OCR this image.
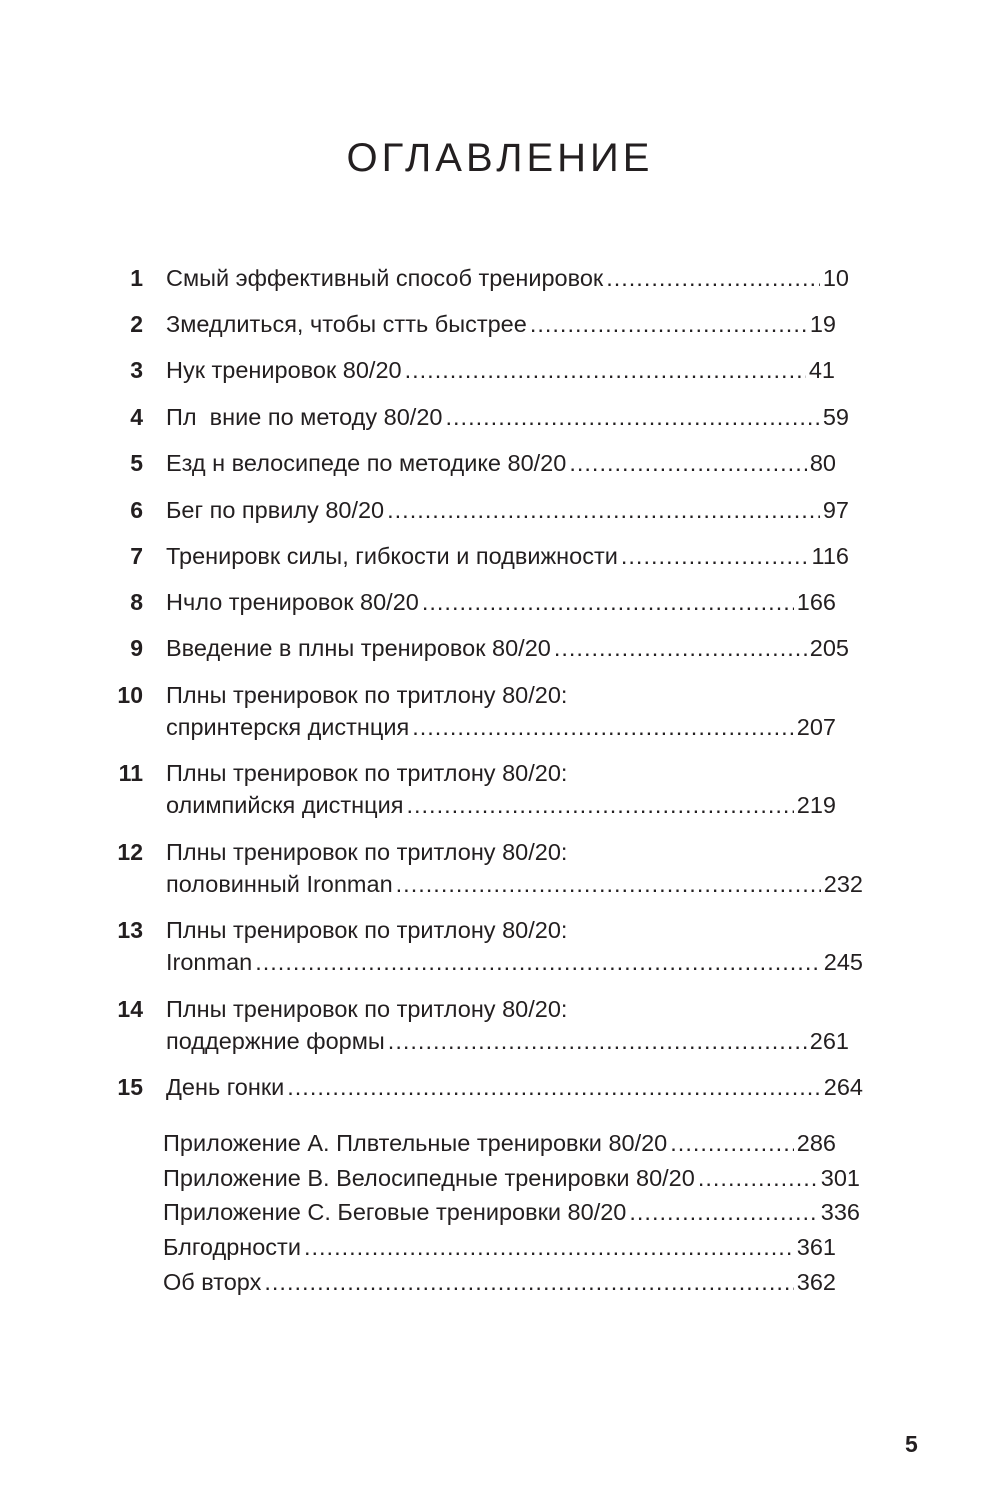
ОГЛАВЛЕНИЕ
1 Смый эффективный способ тренировок .....	10
2 Змедлиться, чтобы стть быстрее .....	19
3 Нук тренировок 80/20 .....	41
4 Пл  вние по методу 80/20 .....	59
5 Езд н велосипеде по методике 80/20 .....	80
6 Бег по првилу 80/20 .....	97
7 Тренировк силы, гибкости и подвижности .....	116
8 Нчло тренировок 80/20 .....	166
9 Введение в плны тренировок 80/20 .....	205
10 Плны тренировок по тритлону 80/20:
спринтерскя дистнция .....	207
11 Плны тренировок по тритлону 80/20:
олимпийскя дистнция .....	219
12 Плны тренировок по тритлону 80/20:
половинный Ironman .....	232
13 Плны тренировок по тритлону 80/20:
Ironman .....	245
14 Плны тренировок по тритлону 80/20:
поддержние формы .....	261
15 День гонки .....	264
Приложение А. Плвтельные тренировки 80/20 .....	286
Приложение В. Велосипедные тренировки 80/20 .....	301
Приложение С. Беговые тренировки 80/20 .....	336
Блгодрности .....	361
Об вторх .....	362
5
